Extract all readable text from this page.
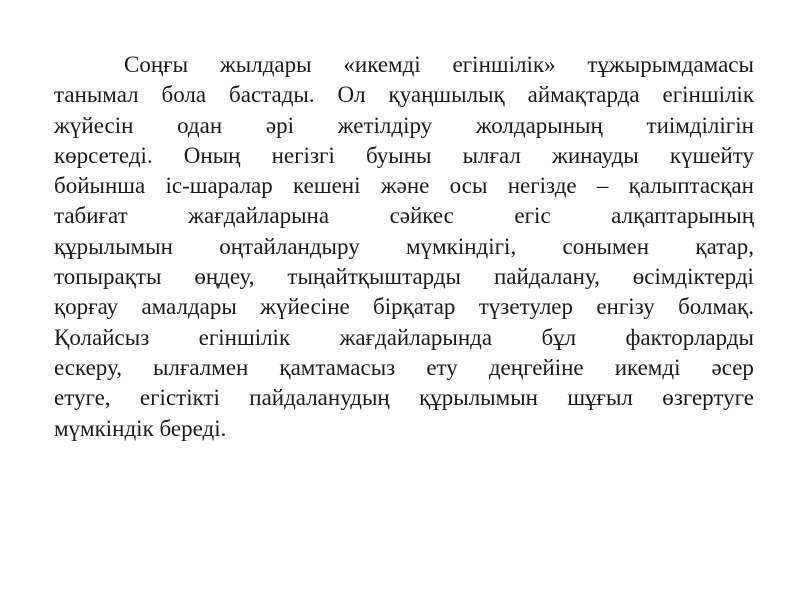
Соңғы жылдары «икемді егіншілік» тұжырымдамасы
танымал бола бастады. Ол қуаңшылық аймақтарда егіншілік
жүйесін одан әрі жетілдіру жолдарының тиімділігін
көрсетеді. Оның негізгі буыны ылғал жинауды күшейту
бойынша іс-шаралар кешені және осы негізде – қалыптасқан
табиғат	жағдайларына	сәйкес	егіс	алқаптарының
құрылымын оңтайландыру мүмкіндігі, сонымен қатар,
топырақты өңдеу, тыңайтқыштарды пайдалану, өсімдіктерді
қорғау амалдары жүйесіне бірқатар түзетулер енгізу болмақ.
Қолайсыз егіншілік жағдайларында бұл факторларды
ескеру, ылғалмен қамтамасыз ету деңгейіне икемді әсер
етуге, егістікті пайдаланудың құрылымын шұғыл өзгертуге
мүмкіндік береді.
